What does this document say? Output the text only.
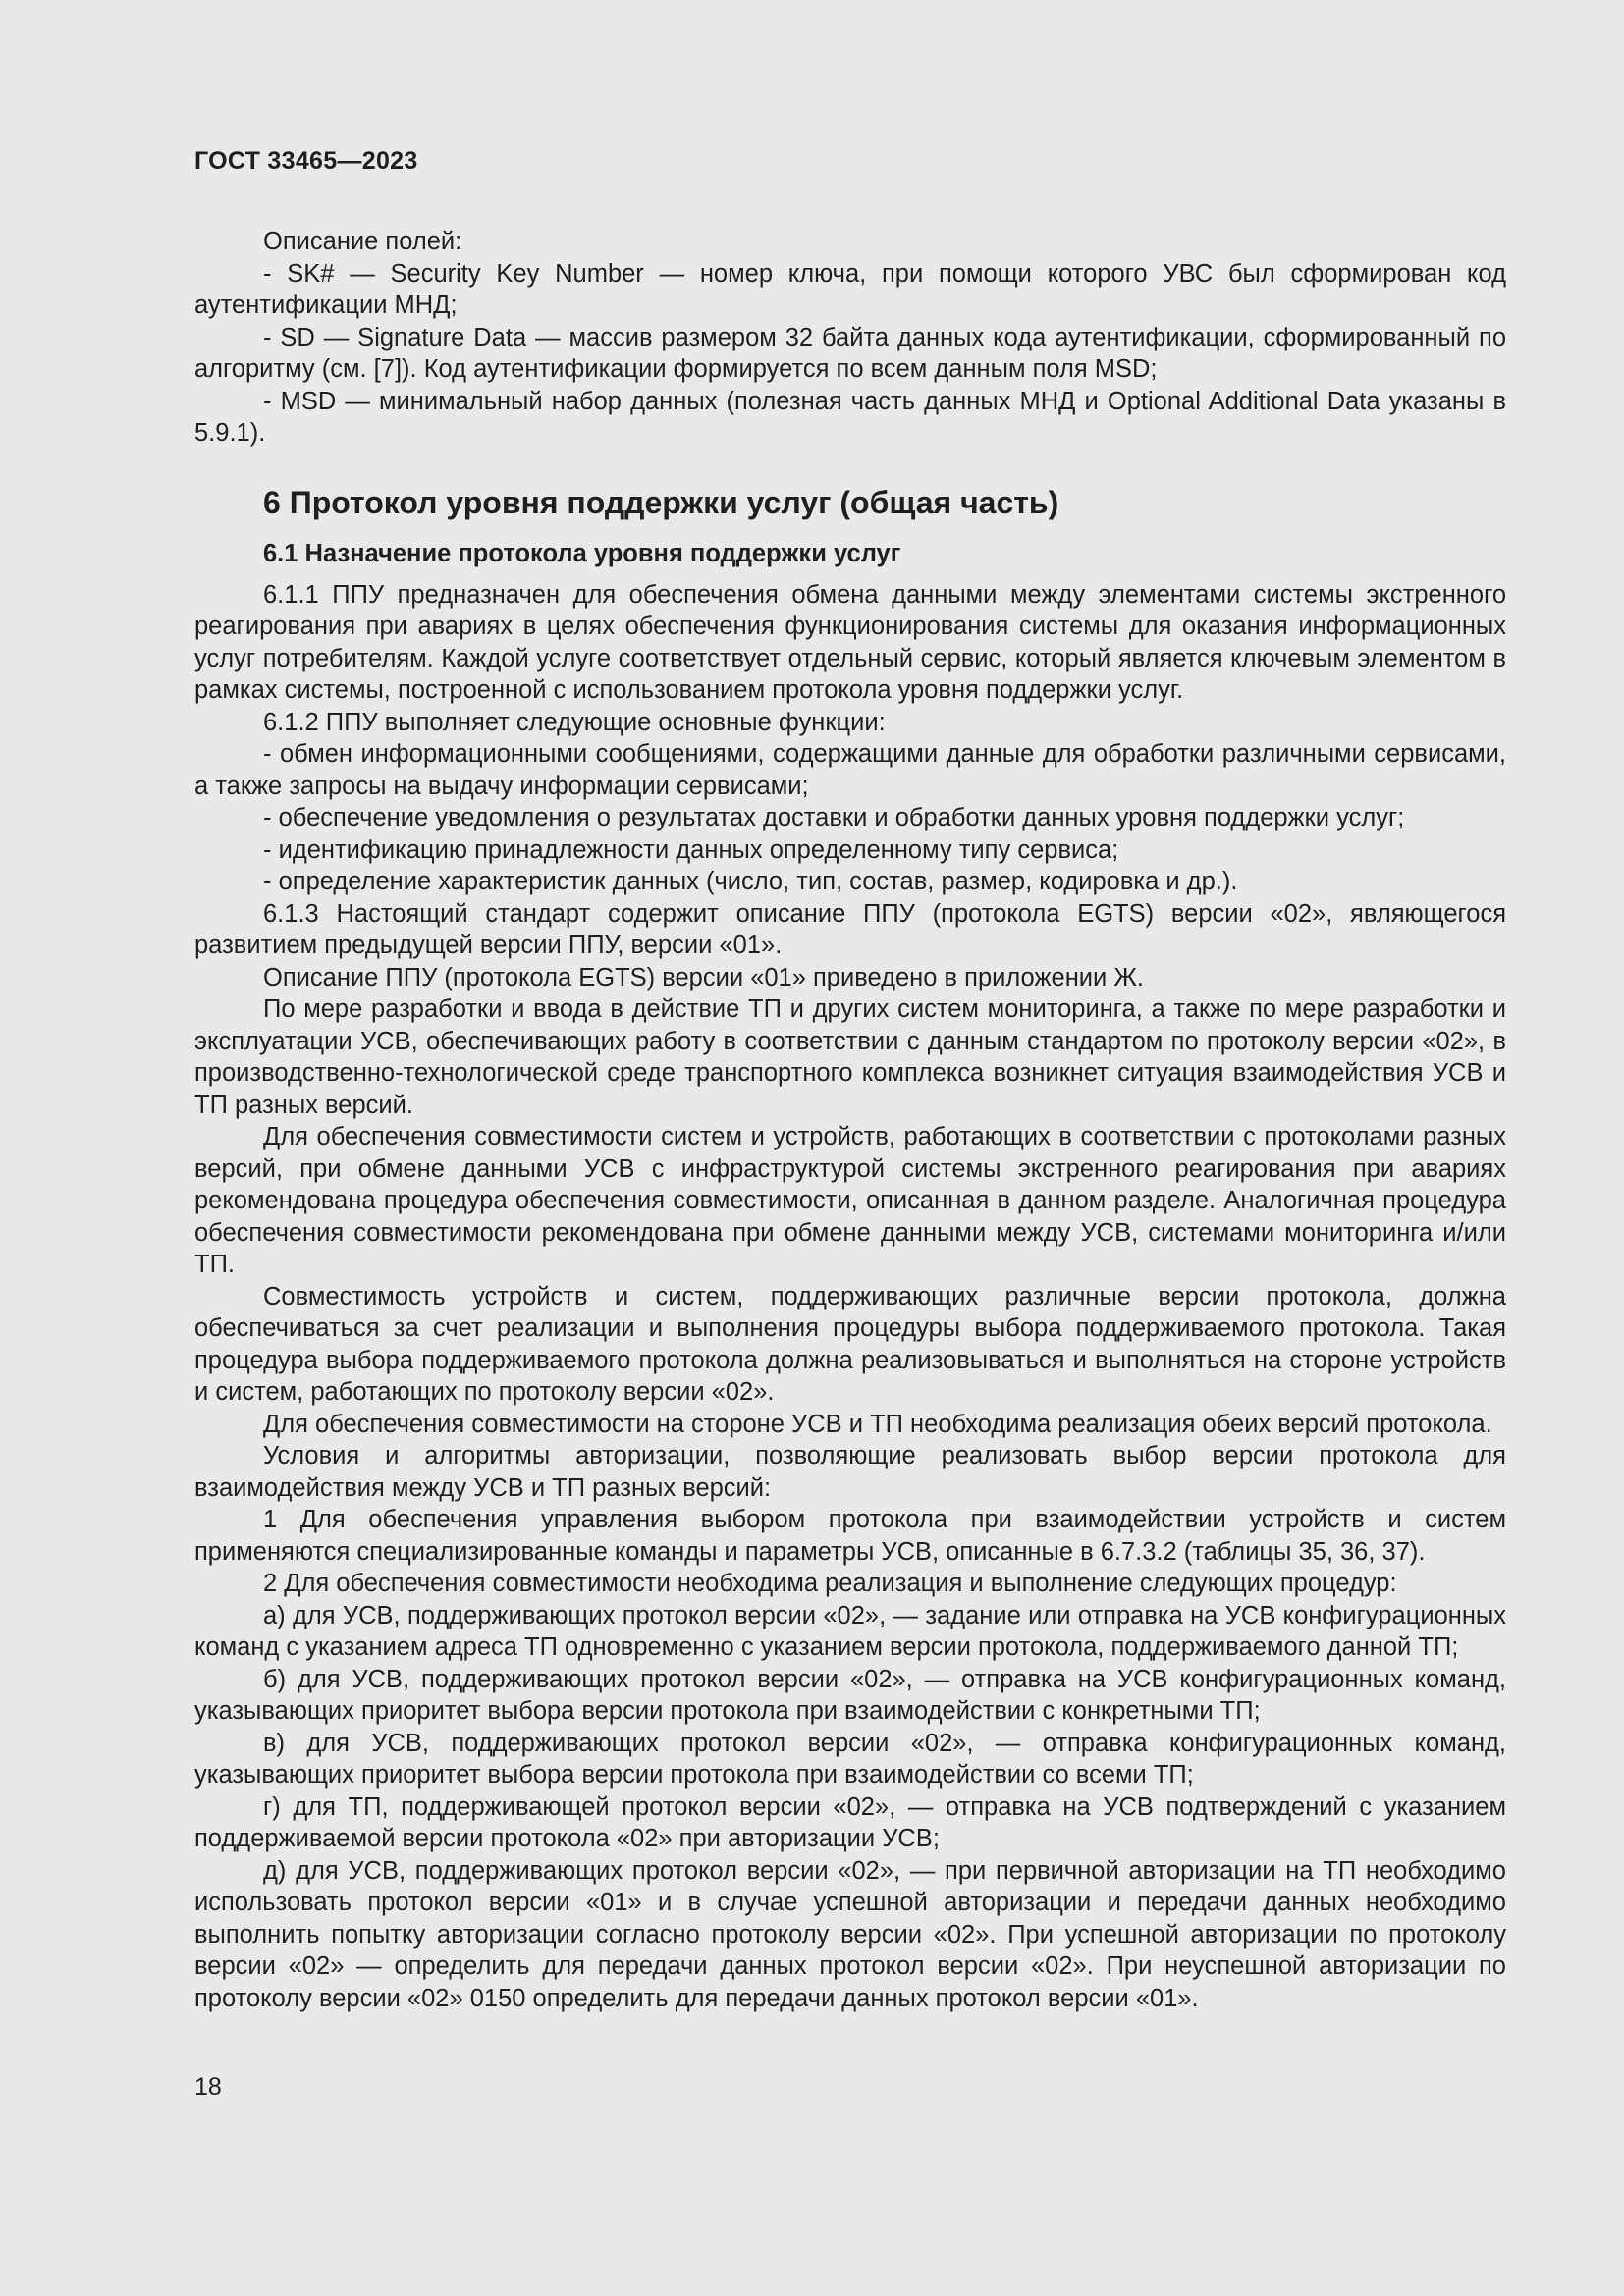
ГОСТ 33465—2023

Описание полей:

- SK# — Security Key Number — номер ключа, при помощи которого УВС был сформирован код аутентификации МНД;

- SD — Signature Data — массив размером 32 байта данных кода аутентификации, сформированный по алгоритму (см. [7]). Код аутентификации формируется по всем данным поля MSD;

- MSD — минимальный набор данных (полезная часть данных МНД и Optional Additional Data указаны в 5.9.1).

6 Протокол уровня поддержки услуг (общая часть)
6.1 Назначение протокола уровня поддержки услуг

6.1.1 ППУ предназначен для обеспечения обмена данными между элементами системы экстренного реагирования при авариях в целях обеспечения функционирования системы для оказания информационных услуг потребителям. Каждой услуге соответствует отдельный сервис, который является ключевым элементом в рамках системы, построенной с использованием протокола уровня поддержки услуг.

6.1.2 ППУ выполняет следующие основные функции:

- обмен информационными сообщениями, содержащими данные для обработки различными сервисами, а также запросы на выдачу информации сервисами;

- обеспечение уведомления о результатах доставки и обработки данных уровня поддержки услуг;

- идентификацию принадлежности данных определенному типу сервиса;

- определение характеристик данных (число, тип, состав, размер, кодировка и др.).

6.1.3 Настоящий стандарт содержит описание ППУ (протокола EGTS) версии «02», являющегося развитием предыдущей версии ППУ, версии «01».

Описание ППУ (протокола EGTS) версии «01» приведено в приложении Ж.

По мере разработки и ввода в действие ТП и других систем мониторинга, а также по мере разработки и эксплуатации УСВ, обеспечивающих работу в соответствии с данным стандартом по протоколу версии «02», в производственно-технологической среде транспортного комплекса возникнет ситуация взаимодействия УСВ и ТП разных версий.

Для обеспечения совместимости систем и устройств, работающих в соответствии с протоколами разных версий, при обмене данными УСВ с инфраструктурой системы экстренного реагирования при авариях рекомендована процедура обеспечения совместимости, описанная в данном разделе. Аналогичная процедура обеспечения совместимости рекомендована при обмене данными между УСВ, системами мониторинга и/или ТП.

Совместимость устройств и систем, поддерживающих различные версии протокола, должна обеспечиваться за счет реализации и выполнения процедуры выбора поддерживаемого протокола. Такая процедура выбора поддерживаемого протокола должна реализовываться и выполняться на стороне устройств и систем, работающих по протоколу версии «02».

Для обеспечения совместимости на стороне УСВ и ТП необходима реализация обеих версий протокола.

Условия и алгоритмы авторизации, позволяющие реализовать выбор версии протокола для взаимодействия между УСВ и ТП разных версий:

1 Для обеспечения управления выбором протокола при взаимодействии устройств и систем применяются специализированные команды и параметры УСВ, описанные в 6.7.3.2 (таблицы 35, 36, 37).

2 Для обеспечения совместимости необходима реализация и выполнение следующих процедур:

а) для УСВ, поддерживающих протокол версии «02», — задание или отправка на УСВ конфигурационных команд с указанием адреса ТП одновременно с указанием версии протокола, поддерживаемого данной ТП;

б) для УСВ, поддерживающих протокол версии «02», — отправка на УСВ конфигурационных команд, указывающих приоритет выбора версии протокола при взаимодействии с конкретными ТП;

в) для УСВ, поддерживающих протокол версии «02», — отправка конфигурационных команд, указывающих приоритет выбора версии протокола при взаимодействии со всеми ТП;

г) для ТП, поддерживающей протокол версии «02», — отправка на УСВ подтверждений с указанием поддерживаемой версии протокола «02» при авторизации УСВ;

д) для УСВ, поддерживающих протокол версии «02», — при первичной авторизации на ТП необходимо использовать протокол версии «01» и в случае успешной авторизации и передачи данных необходимо выполнить попытку авторизации согласно протоколу версии «02». При успешной авторизации по протоколу версии «02» — определить для передачи данных протокол версии «02». При неуспешной авторизации по протоколу версии «02» 0150 определить для передачи данных протокол версии «01».

18
